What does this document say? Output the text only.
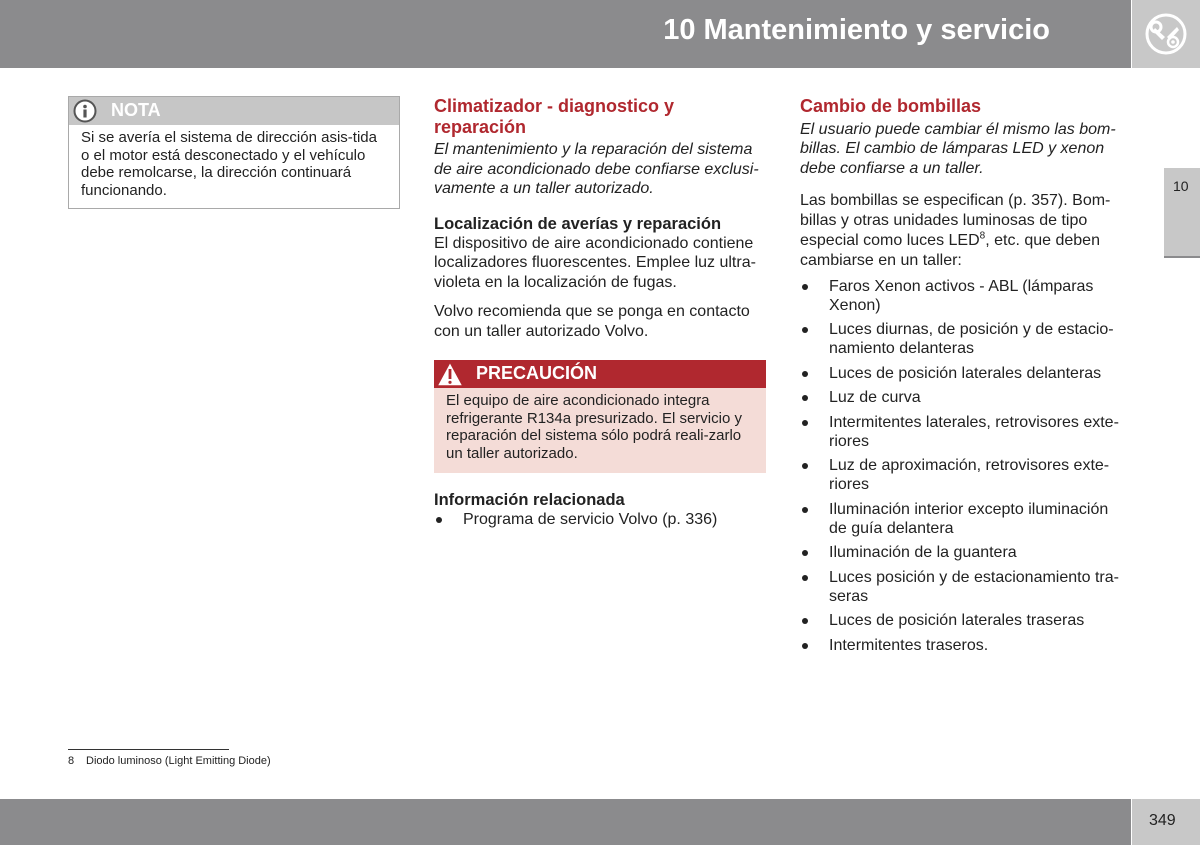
10 Mantenimiento y servicio
10
NOTA
Si se avería el sistema de dirección asis-tida o el motor está desconectado y el vehículo debe remolcarse, la dirección continuará funcionando.
Climatizador - diagnostico y reparación

El mantenimiento y la reparación del sistema de aire acondicionado debe confiarse exclusi-vamente a un taller autorizado.

Localización de averías y reparación

El dispositivo de aire acondicionado contiene localizadores fluorescentes. Emplee luz ultra-violeta en la localización de fugas.

Volvo recomienda que se ponga en contacto con un taller autorizado Volvo.

PRECAUCIÓN
El equipo de aire acondicionado integra refrigerante R134a presurizado. El servicio y reparación del sistema sólo podrá reali-zarlo un taller autorizado.
Información relacionada
Programa de servicio Volvo (p. 336)
Cambio de bombillas

El usuario puede cambiar él mismo las bom-billas. El cambio de lámparas LED y xenon debe confiarse a un taller.

Las bombillas se especifican (p. 357). Bom-billas y otras unidades luminosas de tipo especial como luces LED$^8$, etc. que deben cambiarse en un taller:

Faros Xenon activos - ABL (lámparas Xenon)
Luces diurnas, de posición y de estacio-namiento delanteras
Luces de posición laterales delanteras
Luz de curva
Intermitentes laterales, retrovisores exte-riores
Luz de aproximación, retrovisores exte-riores
Iluminación interior excepto iluminación de guía delantera
Iluminación de la guantera
Luces posición y de estacionamiento tra-seras
Luces de posición laterales traseras
Intermitentes traseros.
8 Diodo luminoso (Light Emitting Diode)
349
